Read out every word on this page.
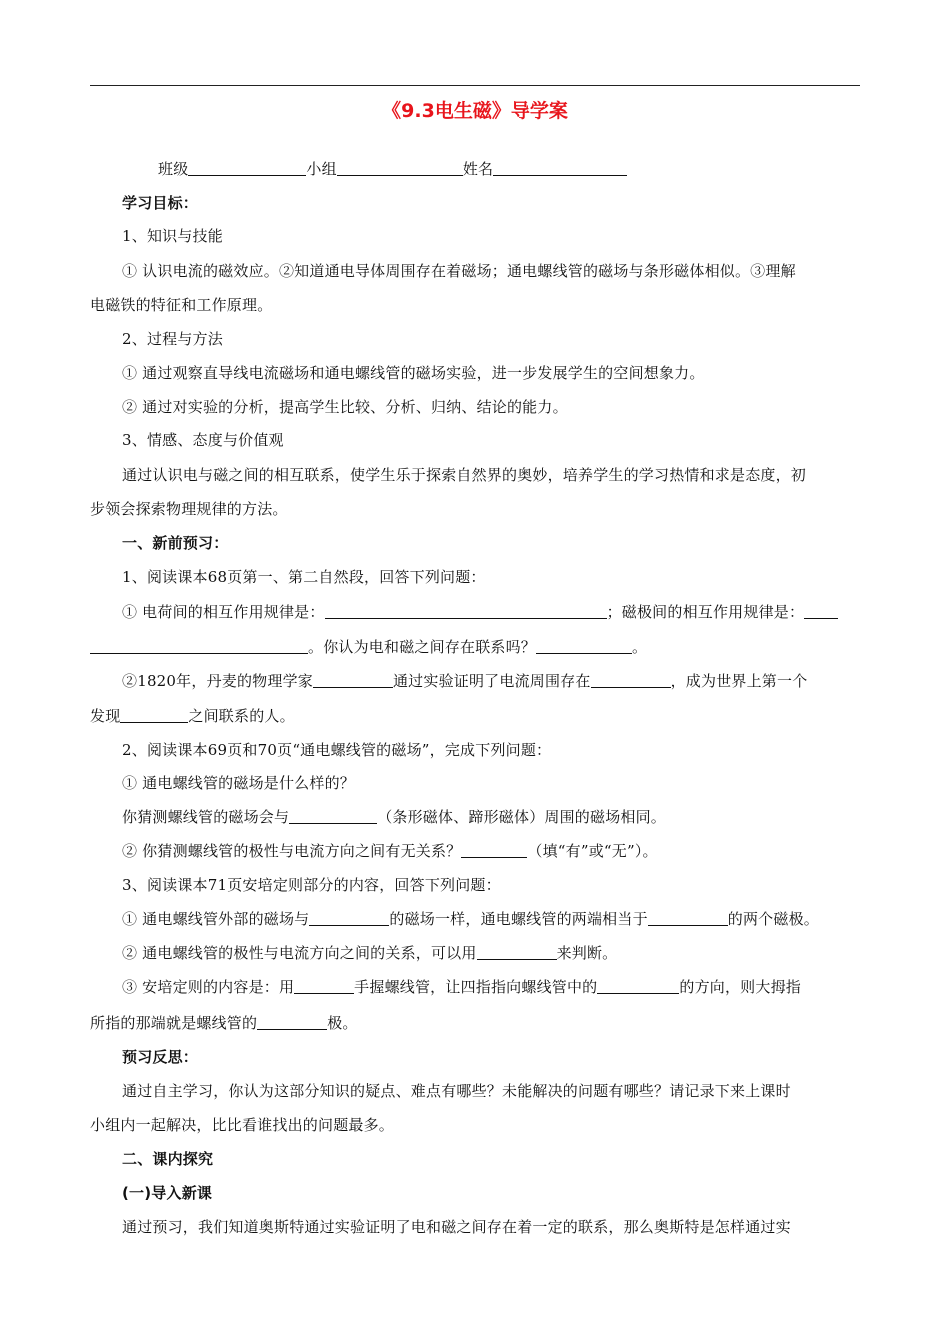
《9.3电生磁》导学案
班级	小组	姓名
学习目标：
1、知识与技能
① 认识电流的磁效应。②知道通电导体周围存在着磁场；通电螺线管的磁场与条形磁体相似。③理解
电磁铁的特征和工作原理。
2、过程与方法
① 通过观察直导线电流磁场和通电螺线管的磁场实验，进一步发展学生的空间想象力。
② 通过对实验的分析，提高学生比较、分析、归纳、结论的能力。
3、情感、态度与价值观
通过认识电与磁之间的相互联系，使学生乐于探索自然界的奥妙，培养学生的学习热情和求是态度，初
步领会探索物理规律的方法。
一、新前预习：
1、阅读课本68页第一、第二自然段，回答下列问题：
① 电荷间的相互作用规律是：	；磁极间的相互作用规律是：
。你认为电和磁之间存在联系吗？	。
②1820年，丹麦的物理学家	通过实验证明了电流周围存在	，成为世界上第一个
发现	之间联系的人。
2、阅读课本69页和70页“通电螺线管的磁场”，完成下列问题：
① 通电螺线管的磁场是什么样的？
你猜测螺线管的磁场会与	（条形磁体、蹄形磁体）周围的磁场相同。
② 你猜测螺线管的极性与电流方向之间有无关系？	（填“有”或“无”）。
3、阅读课本71页安培定则部分的内容，回答下列问题：
① 通电螺线管外部的磁场与	的磁场一样，通电螺线管的两端相当于	的两个磁极。
② 通电螺线管的极性与电流方向之间的关系，可以用	来判断。
③ 安培定则的内容是：用	手握螺线管，让四指指向螺线管中的	的方向，则大拇指
所指的那端就是螺线管的	极。
预习反思：
通过自主学习，你认为这部分知识的疑点、难点有哪些？未能解决的问题有哪些？请记录下来上课时
小组内一起解决，比比看谁找出的问题最多。
二、课内探究
(一)导入新课
通过预习，我们知道奥斯特通过实验证明了电和磁之间存在着一定的联系，那么奥斯特是怎样通过实
